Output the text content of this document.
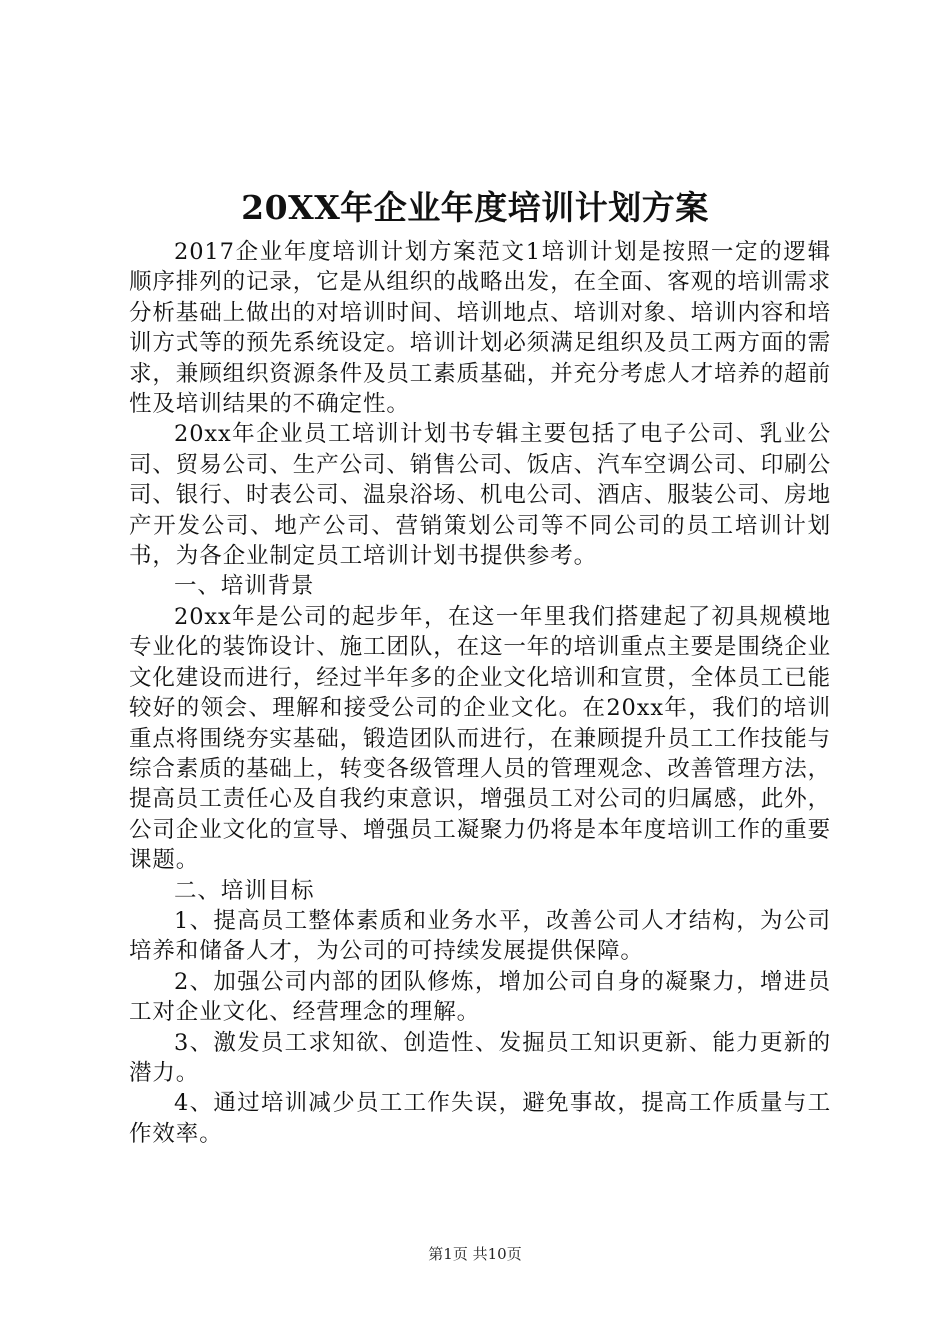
20XX年企业年度培训计划方案

2017企业年度培训计划方案范文1培训计划是按照一定的逻辑顺序排列的记录，它是从组织的战略出发，在全面、客观的培训需求分析基础上做出的对培训时间、培训地点、培训对象、培训内容和培训方式等的预先系统设定。培训计划必须满足组织及员工两方面的需求，兼顾组织资源条件及员工素质基础，并充分考虑人才培养的超前性及培训结果的不确定性。

20xx年企业员工培训计划书专辑主要包括了电子公司、乳业公司、贸易公司、生产公司、销售公司、饭店、汽车空调公司、印刷公司、银行、时表公司、温泉浴场、机电公司、酒店、服装公司、房地产开发公司、地产公司、营销策划公司等不同公司的员工培训计划书，为各企业制定员工培训计划书提供参考。

一、培训背景

20xx年是公司的起步年，在这一年里我们搭建起了初具规模地专业化的装饰设计、施工团队，在这一年的培训重点主要是围绕企业文化建设而进行，经过半年多的企业文化培训和宣贯，全体员工已能较好的领会、理解和接受公司的企业文化。在20xx年，我们的培训重点将围绕夯实基础，锻造团队而进行，在兼顾提升员工工作技能与综合素质的基础上，转变各级管理人员的管理观念、改善管理方法，提高员工责任心及自我约束意识，增强员工对公司的归属感，此外，公司企业文化的宣导、增强员工凝聚力仍将是本年度培训工作的重要课题。

二、培训目标

1、提高员工整体素质和业务水平，改善公司人才结构，为公司培养和储备人才，为公司的可持续发展提供保障。

2、加强公司内部的团队修炼，增加公司自身的凝聚力，增进员工对企业文化、经营理念的理解。

3、激发员工求知欲、创造性、发掘员工知识更新、能力更新的潜力。

4、通过培训减少员工工作失误，避免事故，提高工作质量与工作效率。

第1页 共10页
